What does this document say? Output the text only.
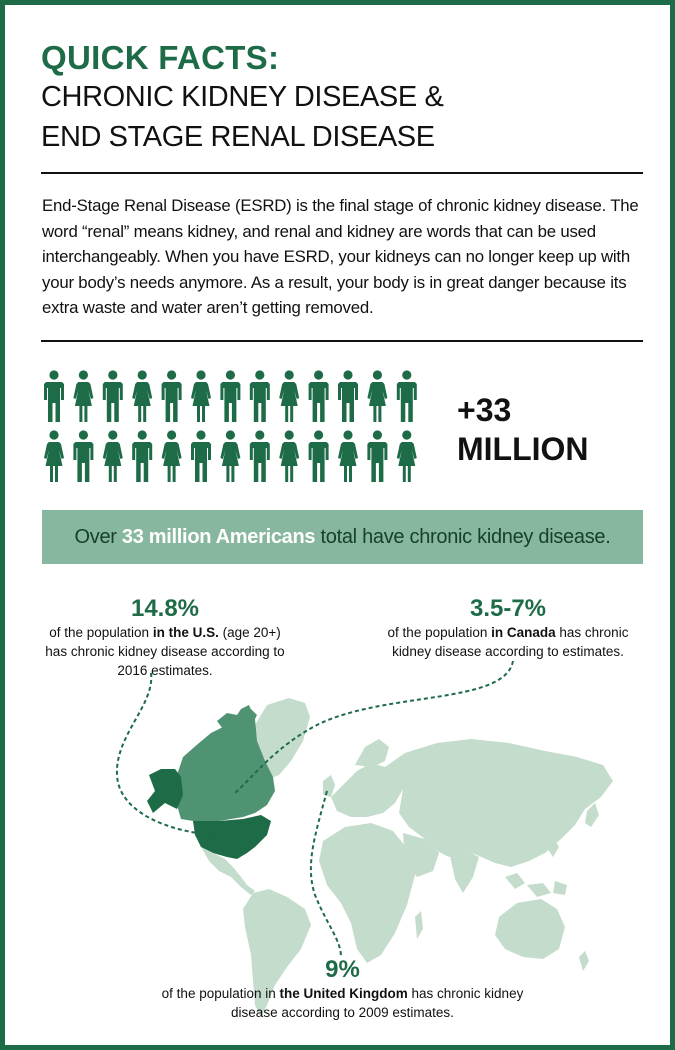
QUICK FACTS:
CHRONIC KIDNEY DISEASE &
END STAGE RENAL DISEASE

End-Stage Renal Disease (ESRD) is the final stage of chronic kidney disease. The word “renal” means kidney, and renal and kidney are words that can be used interchangeably. When you have ESRD, your kidneys can no longer keep up with your body’s needs anymore. As a result, your body is in great danger because its extra waste and water aren’t getting removed.

+33
MILLION
Over 33 million Americans total have chronic kidney disease.
14.8%
of the population in the U.S. (age 20+) has chronic kidney disease according to 2016 estimates.
3.5-7%
of the population in Canada has chronic kidney disease according to estimates.
9%
of the population in the United Kingdom has chronic kidney disease according to 2009 estimates.
